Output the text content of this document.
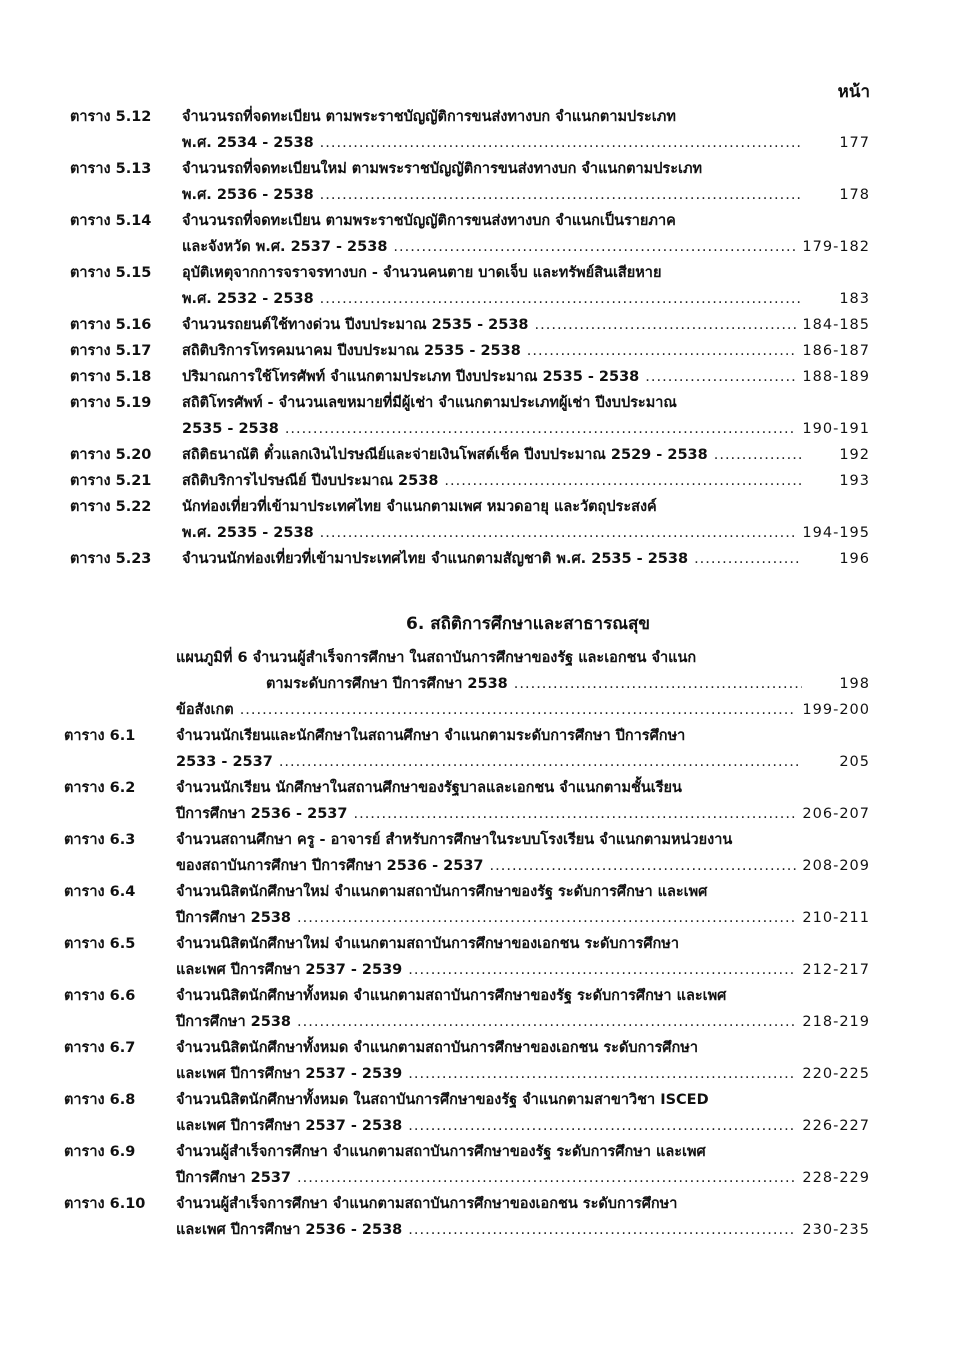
หน้า
ตาราง 5.12	จำนวนรถที่จดทะเบียน ตามพระราชบัญญัติการขนส่งทางบก จำแนกตามประเภท
พ.ศ. 2534 - 2538 .....	177
ตาราง 5.13	จำนวนรถที่จดทะเบียนใหม่ ตามพระราชบัญญัติการขนส่งทางบก จำแนกตามประเภท
พ.ศ. 2536 - 2538 .....	178
ตาราง 5.14	จำนวนรถที่จดทะเบียน ตามพระราชบัญญัติการขนส่งทางบก จำแนกเป็นรายภาค
และจังหวัด พ.ศ. 2537 - 2538 .....	179-182
ตาราง 5.15	อุบัติเหตุจากการจราจรทางบก - จำนวนคนตาย บาดเจ็บ และทรัพย์สินเสียหาย
พ.ศ. 2532 - 2538 .....	183
ตาราง 5.16	จำนวนรถยนต์ใช้ทางด่วน ปีงบประมาณ 2535 - 2538 .....	184-185
ตาราง 5.17	สถิติบริการโทรคมนาคม ปีงบประมาณ 2535 - 2538 .....	186-187
ตาราง 5.18	ปริมาณการใช้โทรศัพท์ จำแนกตามประเภท ปีงบประมาณ 2535 - 2538 .....	188-189
ตาราง 5.19	สถิติโทรศัพท์ - จำนวนเลขหมายที่มีผู้เช่า จำแนกตามประเภทผู้เช่า ปีงบประมาณ
2535 - 2538 .....	190-191
ตาราง 5.20	สถิติธนาณัติ ตั๋วแลกเงินไปรษณีย์และจ่ายเงินโพสต์เช็ค ปีงบประมาณ 2529 - 2538 .....	192
ตาราง 5.21	สถิติบริการไปรษณีย์ ปีงบประมาณ 2538 .....	193
ตาราง 5.22	นักท่องเที่ยวที่เข้ามาประเทศไทย จำแนกตามเพศ หมวดอายุ และวัตถุประสงค์
พ.ศ. 2535 - 2538 .....	194-195
ตาราง 5.23	จำนวนนักท่องเที่ยวที่เข้ามาประเทศไทย จำแนกตามสัญชาติ พ.ศ. 2535 - 2538 .....	196
6. สถิติการศึกษาและสาธารณสุข
แผนภูมิที่ 6 จำนวนผู้สำเร็จการศึกษา ในสถาบันการศึกษาของรัฐ และเอกชน จำแนก
ตามระดับการศึกษา ปีการศึกษา 2538 .....	198
ข้อสังเกต .....	199-200
ตาราง 6.1	จำนวนนักเรียนและนักศึกษาในสถานศึกษา จำแนกตามระดับการศึกษา ปีการศึกษา
2533 - 2537 .....	205
ตาราง 6.2	จำนวนนักเรียน นักศึกษาในสถานศึกษาของรัฐบาลและเอกชน จำแนกตามชั้นเรียน
ปีการศึกษา 2536 - 2537 .....	206-207
ตาราง 6.3	จำนวนสถานศึกษา ครู - อาจารย์ สำหรับการศึกษาในระบบโรงเรียน จำแนกตามหน่วยงาน
ของสถาบันการศึกษา ปีการศึกษา 2536 - 2537 .....	208-209
ตาราง 6.4	จำนวนนิสิตนักศึกษาใหม่ จำแนกตามสถาบันการศึกษาของรัฐ ระดับการศึกษา และเพศ
ปีการศึกษา 2538 .....	210-211
ตาราง 6.5	จำนวนนิสิตนักศึกษาใหม่ จำแนกตามสถาบันการศึกษาของเอกชน ระดับการศึกษา
และเพศ ปีการศึกษา 2537 - 2539 .....	212-217
ตาราง 6.6	จำนวนนิสิตนักศึกษาทั้งหมด จำแนกตามสถาบันการศึกษาของรัฐ ระดับการศึกษา และเพศ
ปีการศึกษา 2538 .....	218-219
ตาราง 6.7	จำนวนนิสิตนักศึกษาทั้งหมด จำแนกตามสถาบันการศึกษาของเอกชน ระดับการศึกษา
และเพศ ปีการศึกษา 2537 - 2539 .....	220-225
ตาราง 6.8	จำนวนนิสิตนักศึกษาทั้งหมด ในสถาบันการศึกษาของรัฐ จำแนกตามสาขาวิชา ISCED
และเพศ ปีการศึกษา 2537 - 2538 .....	226-227
ตาราง 6.9	จำนวนผู้สำเร็จการศึกษา จำแนกตามสถาบันการศึกษาของรัฐ ระดับการศึกษา และเพศ
ปีการศึกษา 2537 .....	228-229
ตาราง 6.10	จำนวนผู้สำเร็จการศึกษา จำแนกตามสถาบันการศึกษาของเอกชน ระดับการศึกษา
และเพศ ปีการศึกษา 2536 - 2538 .....	230-235
